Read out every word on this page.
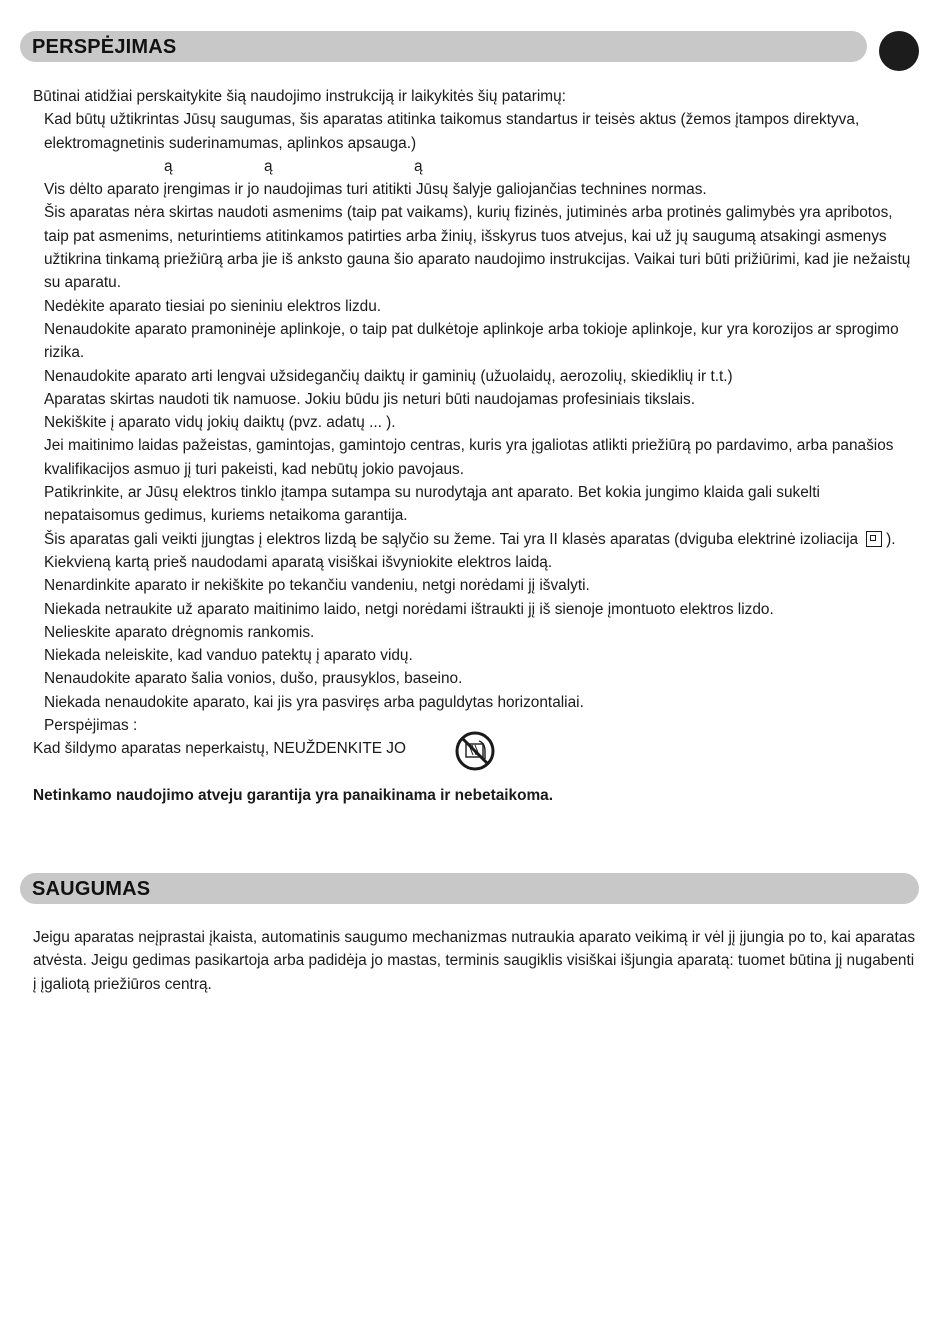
PERSPĖJIMAS

Būtinai atidžiai perskaitykite šią naudojimo instrukciją ir laikykitės šių patarimų:

Kad būtų užtikrintas Jūsų saugumas, šis aparatas atitinka taikomus standartus ir teisės aktus (žemos įtampos direktyva, elektromagnetinis suderinamumas, aplinkos apsauga.)

ą	ą	ą

Vis dėlto aparato įrengimas ir jo naudojimas turi atitikti Jūsų šalyje galiojančias technines normas.

Šis aparatas nėra skirtas naudoti asmenims (taip pat vaikams), kurių fizinės, jutiminės arba protinės galimybės yra apribotos, taip pat asmenims, neturintiems atitinkamos patirties arba žinių, išskyrus tuos atvejus, kai už jų saugumą atsakingi asmenys užtikrina tinkamą priežiūrą arba jie iš anksto gauna šio aparato naudojimo instrukcijas. Vaikai turi būti prižiūrimi, kad jie nežaistų su aparatu.

Nedėkite aparato tiesiai po sieniniu elektros lizdu.

Nenaudokite aparato pramoninėje aplinkoje, o taip pat dulkėtoje aplinkoje arba tokioje aplinkoje, kur yra korozijos ar sprogimo rizika.

Nenaudokite aparato arti lengvai užsidegančių daiktų ir gaminių (užuolaidų, aerozolių, skiediklių ir t.t.)

Aparatas skirtas naudoti tik namuose. Jokiu būdu jis neturi būti naudojamas profesiniais tikslais.

Nekiškite į aparato vidų jokių daiktų (pvz. adatų ... ).

Jei maitinimo laidas pažeistas, gamintojas, gamintojo centras, kuris yra įgaliotas atlikti priežiūrą po pardavimo, arba panašios kvalifikacijos asmuo jį turi pakeisti, kad nebūtų jokio pavojaus.

Patikrinkite, ar Jūsų elektros tinklo įtampa sutampa su nurodytąja ant aparato. Bet kokia jungimo klaida gali sukelti nepataisomus gedimus, kuriems netaikoma garantija.

Šis aparatas gali veikti įjungtas į elektros lizdą be sąlyčio su žeme. Tai yra II klasės aparatas (dviguba elektrinė izoliacija ).

Kiekvieną kartą prieš naudodami aparatą visiškai išvyniokite elektros laidą.

Nenardinkite aparato ir nekiškite po tekančiu vandeniu, netgi norėdami jį išvalyti.

Niekada netraukite už aparato maitinimo laido, netgi norėdami ištraukti jį iš sienoje įmontuoto elektros lizdo.

Nelieskite aparato drėgnomis rankomis.

Niekada neleiskite, kad vanduo patektų į aparato vidų.

Nenaudokite aparato šalia vonios, dušo, prausyklos, baseino.

Niekada nenaudokite aparato, kai jis yra pasviręs arba paguldytas horizontaliai.

Perspėjimas :

Kad šildymo aparatas neperkaistų, NEUŽDENKITE JO

Netinkamo naudojimo atveju garantija yra panaikinama ir nebetaikoma.

SAUGUMAS

Jeigu aparatas neįprastai įkaista, automatinis saugumo mechanizmas nutraukia aparato veikimą ir vėl jį įjungia po to, kai aparatas atvėsta. Jeigu gedimas pasikartoja arba padidėja jo mastas, terminis saugiklis visiškai išjungia aparatą: tuomet būtina jį nugabenti į įgaliotą priežiūros centrą.
